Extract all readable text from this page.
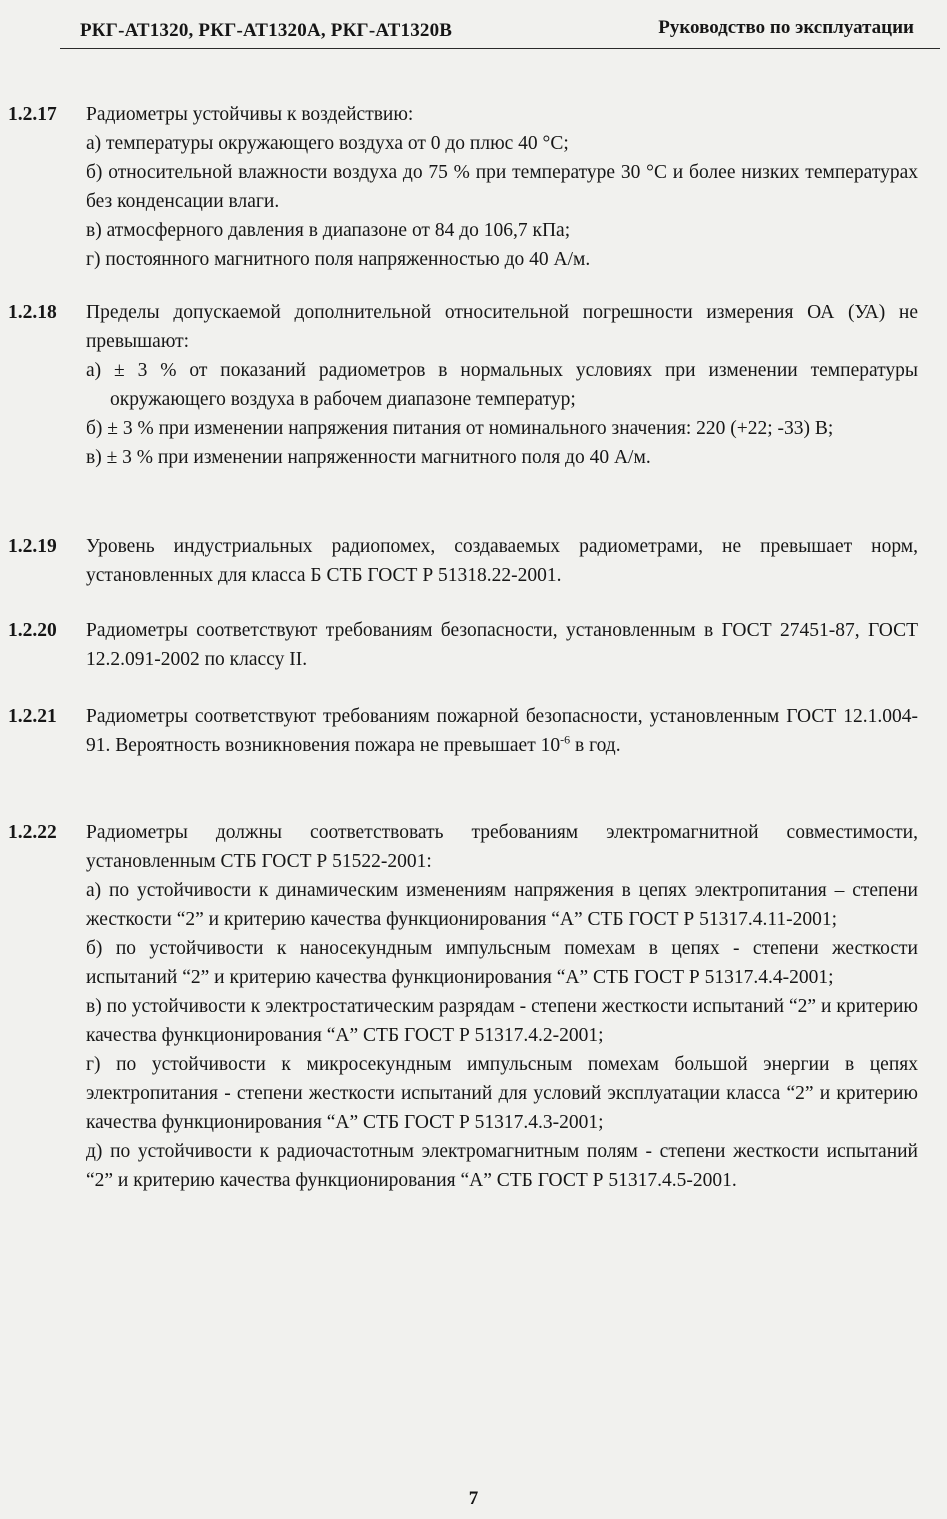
РКГ-АТ1320, РКГ-АТ1320А, РКГ-АТ1320В	Руководство по эксплуатации
1.2.17	Радиометры устойчивы к воздействию:

а) температуры окружающего воздуха от 0 до плюс 40 °С;

б) относительной влажности воздуха до 75 % при температуре 30 °С и более низких температурах без конденсации влаги.

в) атмосферного давления в диапазоне от 84 до 106,7 кПа;

г) постоянного магнитного поля напряженностью до 40 А/м.

1.2.18	Пределы допускаемой дополнительной относительной погрешности измерения ОА (УА) не превышают:

а) ± 3 % от показаний радиометров в нормальных условиях при изменении температуры окружающего воздуха в рабочем диапазоне температур;

б) ± 3 % при изменении напряжения питания от номинального значения: 220 (+22; -33) В;

в) ± 3 % при изменении напряженности магнитного поля до 40 А/м.

1.2.19	Уровень индустриальных радиопомех, создаваемых радиометрами, не превышает норм, установленных для класса Б СТБ ГОСТ Р 51318.22-2001.

1.2.20	Радиометры соответствуют требованиям безопасности, установленным в ГОСТ 27451-87, ГОСТ 12.2.091-2002 по классу II.

1.2.21	Радиометры соответствуют требованиям пожарной безопасности, установленным ГОСТ 12.1.004-91. Вероятность возникновения пожара не превышает $10^{-6}$ в год.

1.2.22	Радиометры должны соответствовать требованиям электромагнитной совместимости, установленным СТБ ГОСТ Р 51522-2001:

а) по устойчивости к динамическим изменениям напряжения в цепях электропитания – степени жесткости “2” и критерию качества функционирования “А” СТБ ГОСТ Р 51317.4.11-2001;

б) по устойчивости к наносекундным импульсным помехам в цепях - степени жесткости испытаний “2” и критерию качества функционирования “А” СТБ ГОСТ Р 51317.4.4-2001;

в) по устойчивости к электростатическим разрядам - степени жесткости испытаний “2” и критерию качества функционирования “А” СТБ ГОСТ Р 51317.4.2-2001;

г) по устойчивости к микросекундным импульсным помехам большой энергии в цепях электропитания - степени жесткости испытаний для условий эксплуатации класса “2” и критерию качества функционирования “А” СТБ ГОСТ Р 51317.4.3-2001;

д) по устойчивости к радиочастотным электромагнитным полям - степени жесткости испытаний “2” и критерию качества функционирования “А” СТБ ГОСТ Р 51317.4.5-2001.

7
